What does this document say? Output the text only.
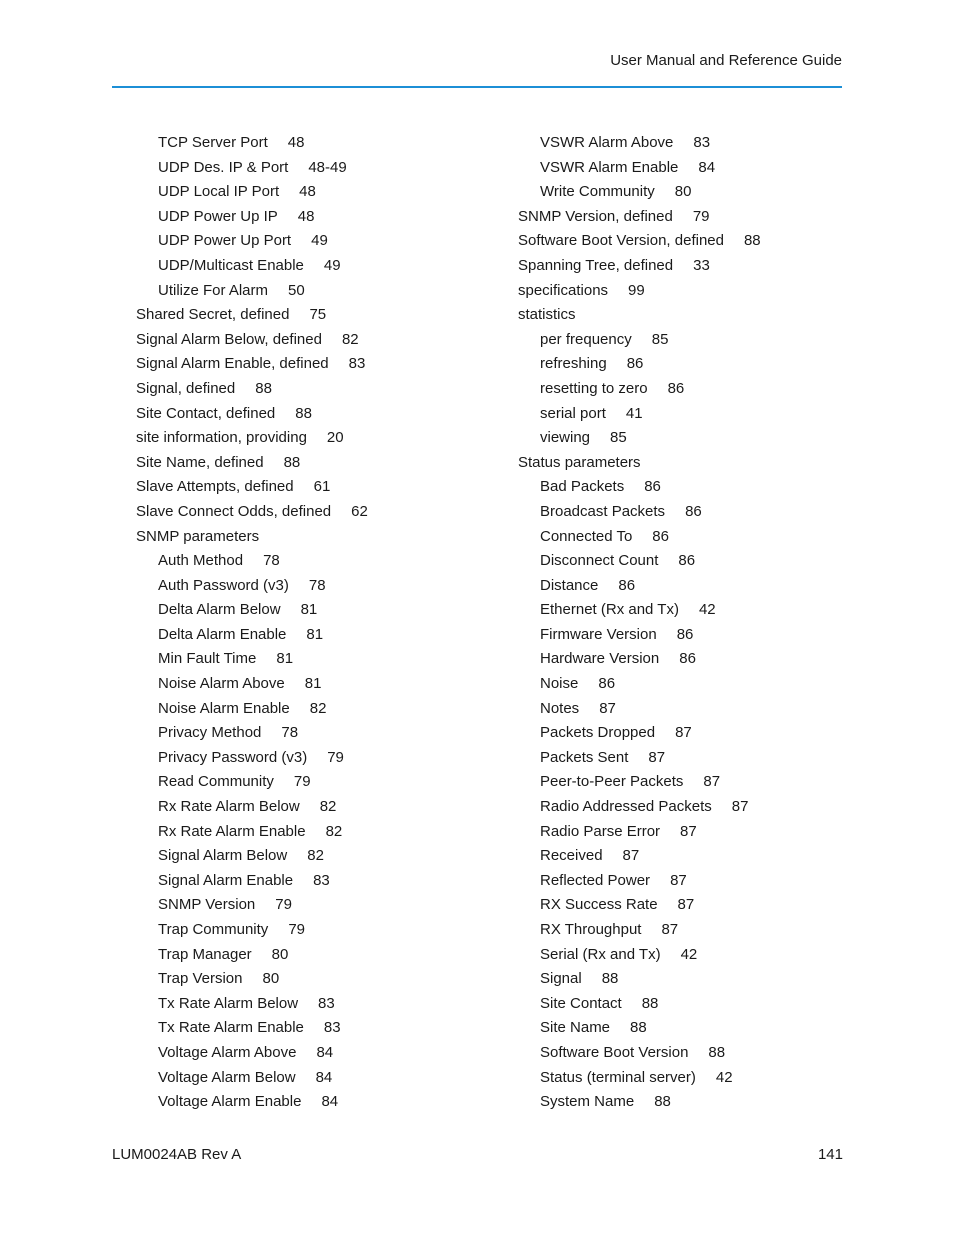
User Manual and Reference Guide
TCP Server Port 48
UDP Des. IP & Port 48-49
UDP Local IP Port 48
UDP Power Up IP 48
UDP Power Up Port 49
UDP/Multicast Enable 49
Utilize For Alarm 50
Shared Secret, defined 75
Signal Alarm Below, defined 82
Signal Alarm Enable, defined 83
Signal, defined 88
Site Contact, defined 88
site information, providing 20
Site Name, defined 88
Slave Attempts, defined 61
Slave Connect Odds, defined 62
SNMP parameters
Auth Method 78
Auth Password (v3) 78
Delta Alarm Below 81
Delta Alarm Enable 81
Min Fault Time 81
Noise Alarm Above 81
Noise Alarm Enable 82
Privacy Method 78
Privacy Password (v3) 79
Read Community 79
Rx Rate Alarm Below 82
Rx Rate Alarm Enable 82
Signal Alarm Below 82
Signal Alarm Enable 83
SNMP Version 79
Trap Community 79
Trap Manager 80
Trap Version 80
Tx Rate Alarm Below 83
Tx Rate Alarm Enable 83
Voltage Alarm Above 84
Voltage Alarm Below 84
Voltage Alarm Enable 84
VSWR Alarm Above 83
VSWR Alarm Enable 84
Write Community 80
SNMP Version, defined 79
Software Boot Version, defined 88
Spanning Tree, defined 33
specifications 99
statistics
per frequency 85
refreshing 86
resetting to zero 86
serial port 41
viewing 85
Status parameters
Bad Packets 86
Broadcast Packets 86
Connected To 86
Disconnect Count 86
Distance 86
Ethernet (Rx and Tx) 42
Firmware Version 86
Hardware Version 86
Noise 86
Notes 87
Packets Dropped 87
Packets Sent 87
Peer-to-Peer Packets 87
Radio Addressed Packets 87
Radio Parse Error 87
Received 87
Reflected Power 87
RX Success Rate 87
RX Throughput 87
Serial (Rx and Tx) 42
Signal 88
Site Contact 88
Site Name 88
Software Boot Version 88
Status (terminal server) 42
System Name 88
LUM0024AB Rev A	141
